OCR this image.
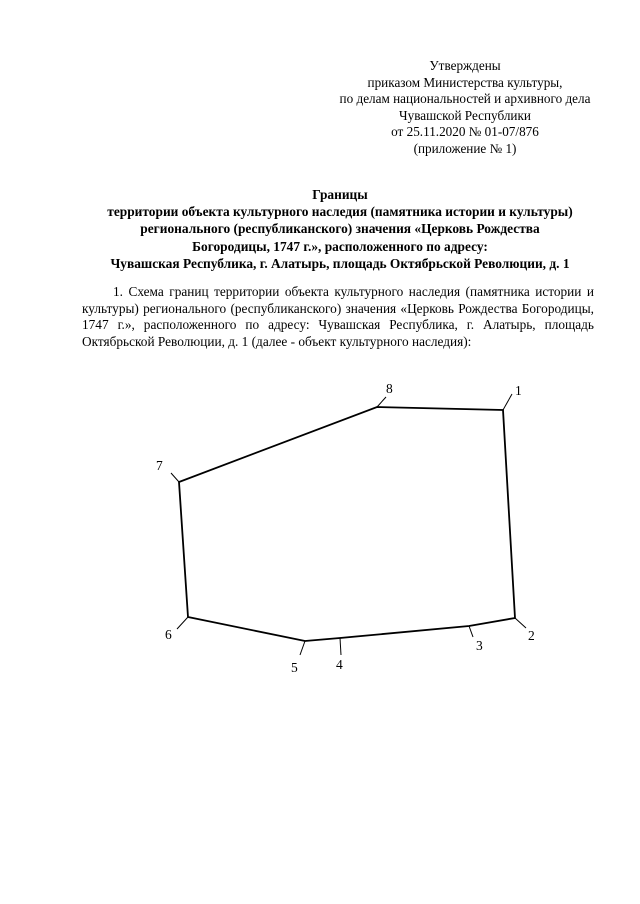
Утверждены
приказом Министерства культуры,
по делам национальностей и архивного дела
Чувашской Республики
от 25.11.2020 № 01-07/876
(приложение № 1)
Границы
территории объекта культурного наследия (памятника истории и культуры)
регионального (республиканского) значения «Церковь Рождества
Богородицы, 1747 г.», расположенного по адресу:
Чувашская Республика, г. Алатырь, площадь Октябрьской Революции, д. 1

1. Схема границ территории объекта культурного наследия (памятника истории и культуры) регионального (республиканского) значения «Церковь Рождества Богородицы, 1747 г.», расположенного по адресу: Чувашская Республика, г. Алатырь, площадь Октябрьской Революции, д. 1 (далее - объект культурного наследия):

1
2
3
4
5
6
7
8
